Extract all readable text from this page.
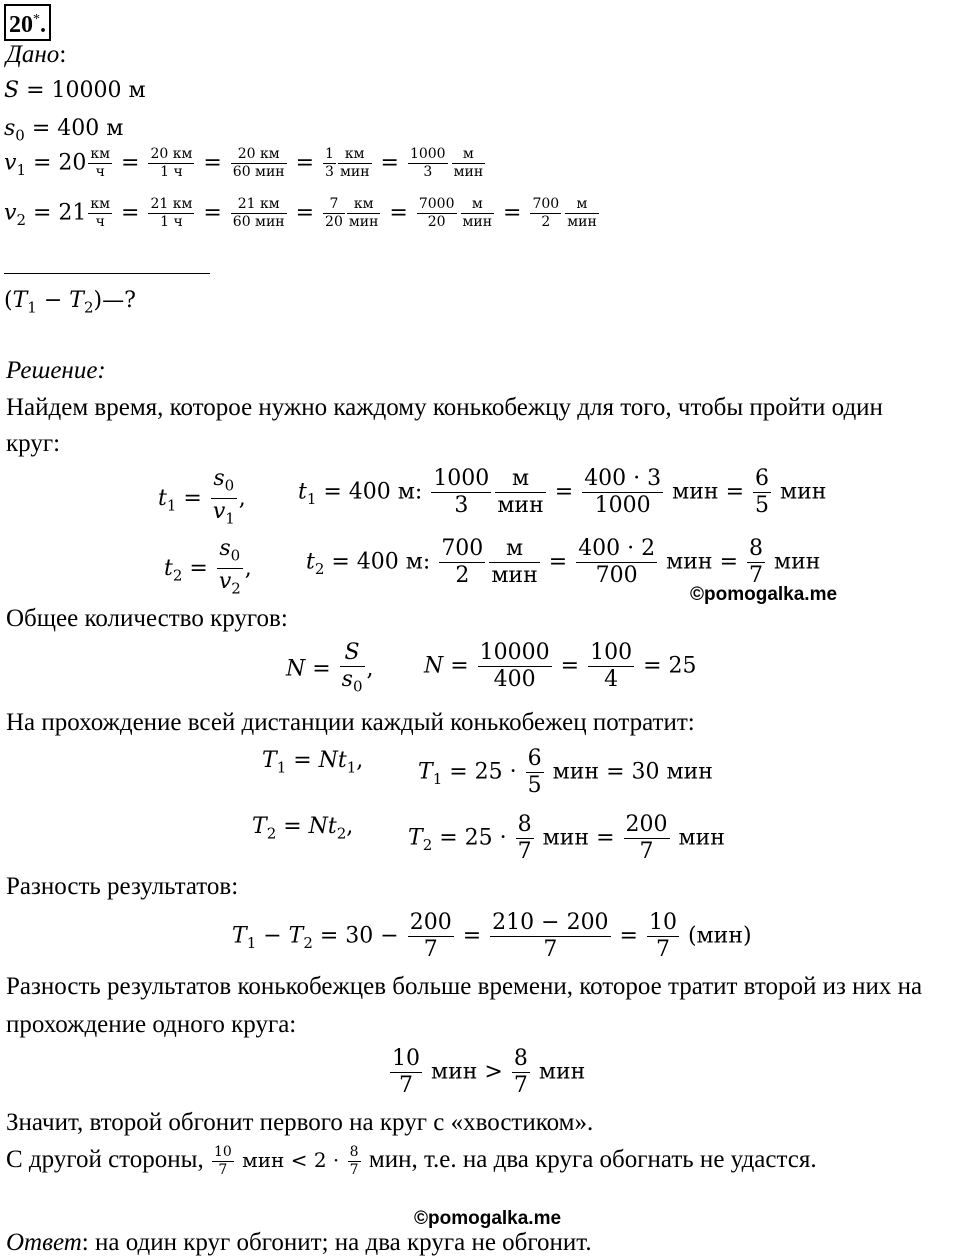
20*.
Дано:
S = 10000 м
$s_0 = 400$ м
$v_1 = 20 \frac{км}{ч} = \frac{20 км}{1 ч} = \frac{20 км}{\text{60 мин}} = \frac{1}{3} \frac{км}{\text{мин}} = \frac{1000}{3} \frac{м}{\text{мин}}$
$v_2 = 21 \frac{км}{ч} = \frac{21 км}{1 ч} = \frac{21 км}{\text{60 мин}} = \frac{7}{20} \frac{км}{\text{мин}} = \frac{7000}{20} \frac{м}{\text{мин}} = \frac{700}{2} \frac{м}{\text{мин}}$
($T_1$ − $T_2)—$?
Решение:
Найдем время, которое нужно каждому конькобежцу для того, чтобы пройти один
круг:
$t_1 = \frac{s_0}{v_1}$ , $t_1 = 400$ м: $\frac{1000}{3} \frac{м}{\text{мин}} = \frac{400 \cdot 3}{1000}$ мин = $\frac{6}{5}$ мин
$t_2 = \frac{s_0}{v_2}$ , $t_2 = 400$ м: $\frac{700}{2} \frac{м}{\text{мин}} = \frac{400 \cdot 2}{700}$ мин = $\frac{8}{7}$ мин
©pomogalka.me
Общее количество кругов:
$N = \frac{S}{s_0}$ , $N = \frac{10000}{400} = \frac{100}{4} = 25$
На прохождение всей дистанции каждый конькобежец потратит:
$T_1 = Nt_1$, $T_1 = 25 \cdot \frac{6}{5}$ мин = 30 мин
$T_2 = Nt_2$, $T_2 = 25 \cdot \frac{8}{7}$ мин = $\frac{200}{7}$ мин
Разность результатов:
$T_1 - T_2 = 30 - \frac{200}{7} = \frac{210 - 200}{7} = \frac{10}{7} (мин)$
Разность результатов конькобежцев больше времени, которое тратит второй из них на
прохождение одного круга:
$\frac{10}{7}$ мин > $\frac{8}{7}$ мин
Значит, второй обгонит первого на круг с «хвостиком».
С другой стороны, $\frac{10}{7}$ мин < $2 \cdot \frac{8}{7}$ мин, т.е. на два круга обогнать не удастся.
©pomogalka.me
Ответ: на один круг обгонит; на два круга не обгонит.
